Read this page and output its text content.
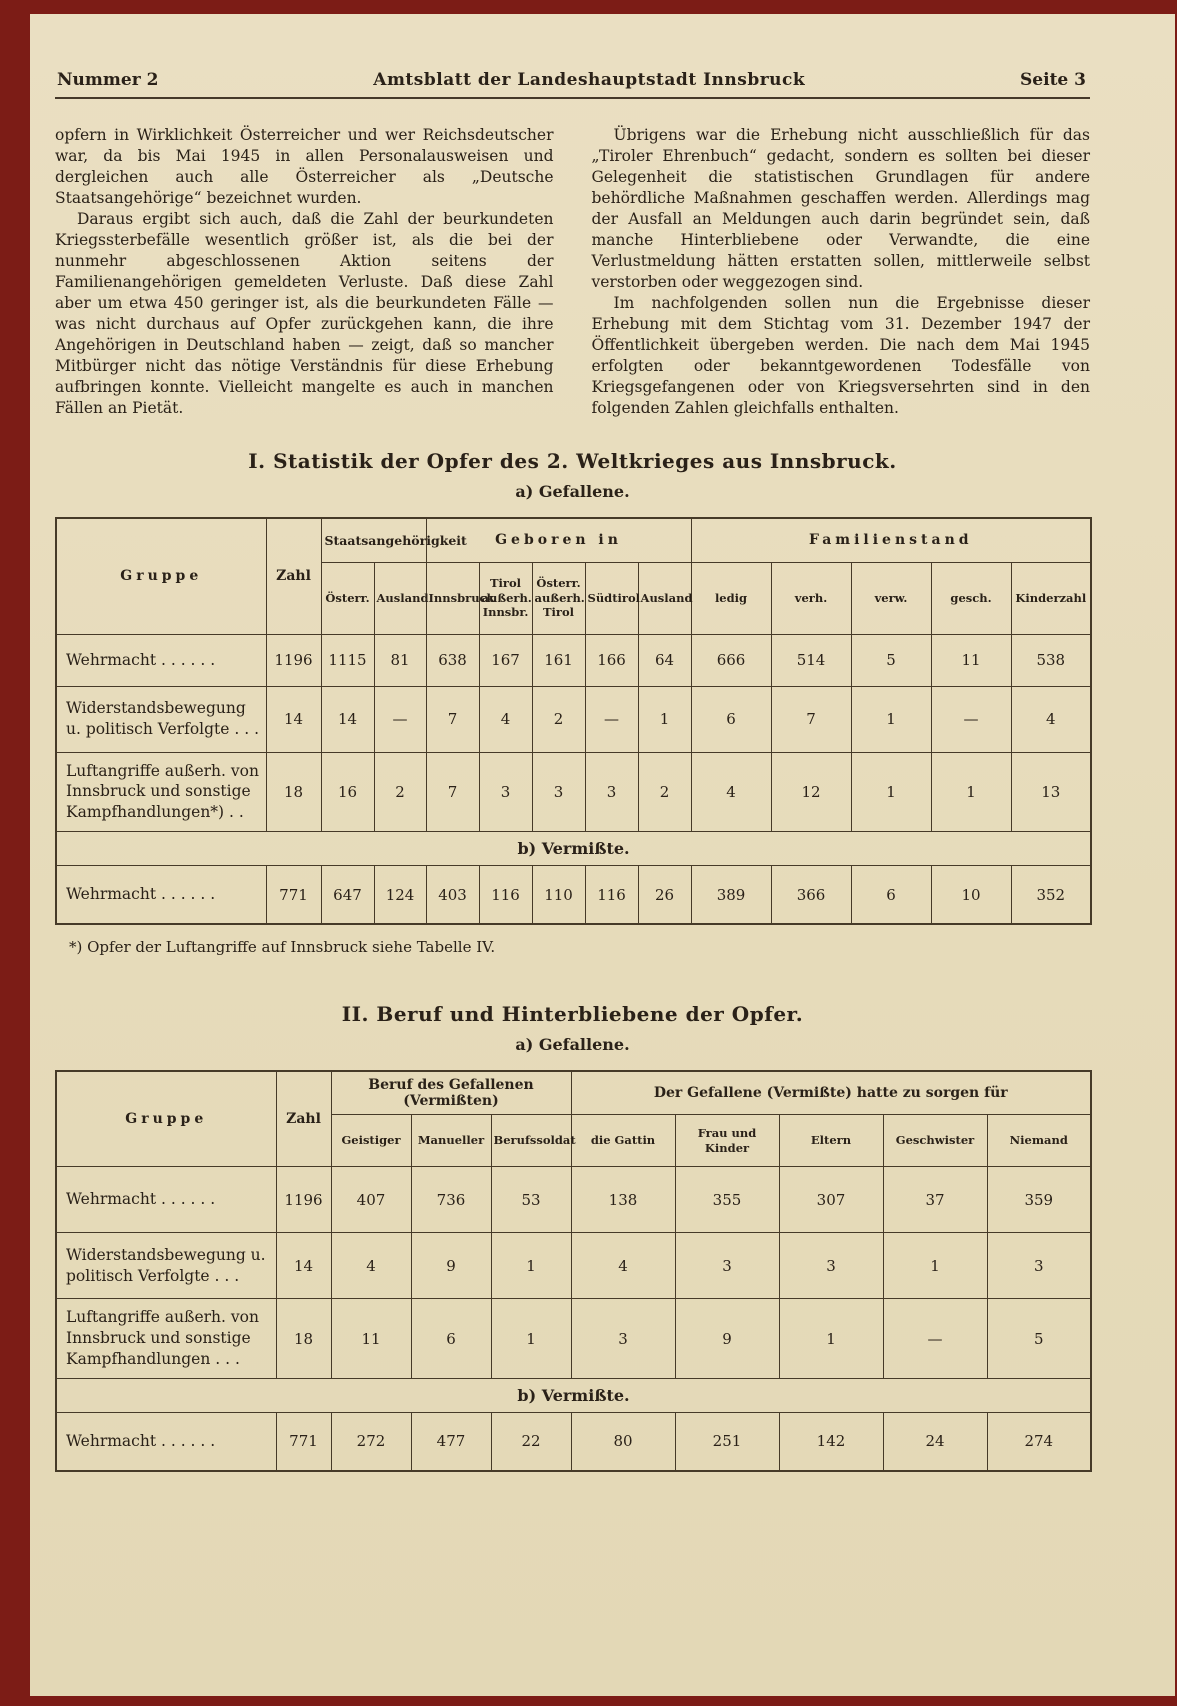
Nummer 2	Amtsblatt der Landeshauptstadt Innsbruck	Seite 3

opfern in Wirklichkeit Österreicher und wer Reichsdeutscher war, da bis Mai 1945 in allen Personalausweisen und dergleichen auch alle Österreicher als „Deutsche Staatsangehörige“ bezeichnet wurden.

Daraus ergibt sich auch, daß die Zahl der beurkundeten Kriegssterbefälle wesentlich größer ist, als die bei der nunmehr abgeschlossenen Aktion seitens der Familienangehörigen gemeldeten Verluste. Daß diese Zahl aber um etwa 450 geringer ist, als die beurkundeten Fälle — was nicht durchaus auf Opfer zurückgehen kann, die ihre Angehörigen in Deutschland haben — zeigt, daß so mancher Mitbürger nicht das nötige Verständnis für diese Erhebung aufbringen konnte. Vielleicht mangelte es auch in manchen Fällen an Pietät.

Übrigens war die Erhebung nicht ausschließlich für das „Tiroler Ehrenbuch“ gedacht, sondern es sollten bei dieser Gelegenheit die statistischen Grundlagen für andere behördliche Maßnahmen geschaffen werden. Allerdings mag der Ausfall an Meldungen auch darin begründet sein, daß manche Hinterbliebene oder Verwandte, die eine Verlustmeldung hätten erstatten sollen, mittlerweile selbst verstorben oder weggezogen sind.

Im nachfolgenden sollen nun die Ergebnisse dieser Erhebung mit dem Stichtag vom 31. Dezember 1947 der Öffentlichkeit übergeben werden. Die nach dem Mai 1945 erfolgten oder bekanntgewordenen Todesfälle von Kriegsgefangenen oder von Kriegsversehrten sind in den folgenden Zahlen gleichfalls enthalten.

I. Statistik der Opfer des 2. Weltkrieges aus Innsbruck.
a) Gefallene.
Gruppe	Zahl	Staatsangehörigkeit		Geboren in					Familienstand				
		Österr.	Ausland	Innsbruck	Tirol außerh. Innsbr.	Österr. außerh. Tirol	Südtirol	Ausland	ledig	verh.	verw.	gesch.	Kinderzahl
Wehrmacht . . . . . .	1196	1115	81	638	167	161	166	64	666	514	5	11	538
Widerstandsbewegung u. politisch Verfolgte . . .	14	14	—	7	4	2	—	1	6	7	1	—	4
Luftangriffe außerh. von Innsbruck und sonstige Kampfhandlungen*) . .	18	16	2	7	3	3	3	2	4	12	1	1	13
b) Vermißte.													
Wehrmacht . . . . . .	771	647	124	403	116	110	116	26	389	366	6	10	352
*) Opfer der Luftangriffe auf Innsbruck siehe Tabelle IV.
II. Beruf und Hinterbliebene der Opfer.
a) Gefallene.
Gruppe	Zahl	Beruf des Gefallenen (Vermißten)			Der Gefallene (Vermißte) hatte zu sorgen für				
		Geistiger	Manueller	Berufssoldat	die Gattin	Frau und Kinder	Eltern	Geschwister	Niemand
Wehrmacht . . . . . .	1196	407	736	53	138	355	307	37	359
Widerstandsbewegung u. politisch Verfolgte . . .	14	4	9	1	4	3	3	1	3
Luftangriffe außerh. von Innsbruck und sonstige Kampfhandlungen . . .	18	11	6	1	3	9	1	—	5
b) Vermißte.									
Wehrmacht . . . . . .	771	272	477	22	80	251	142	24	274
